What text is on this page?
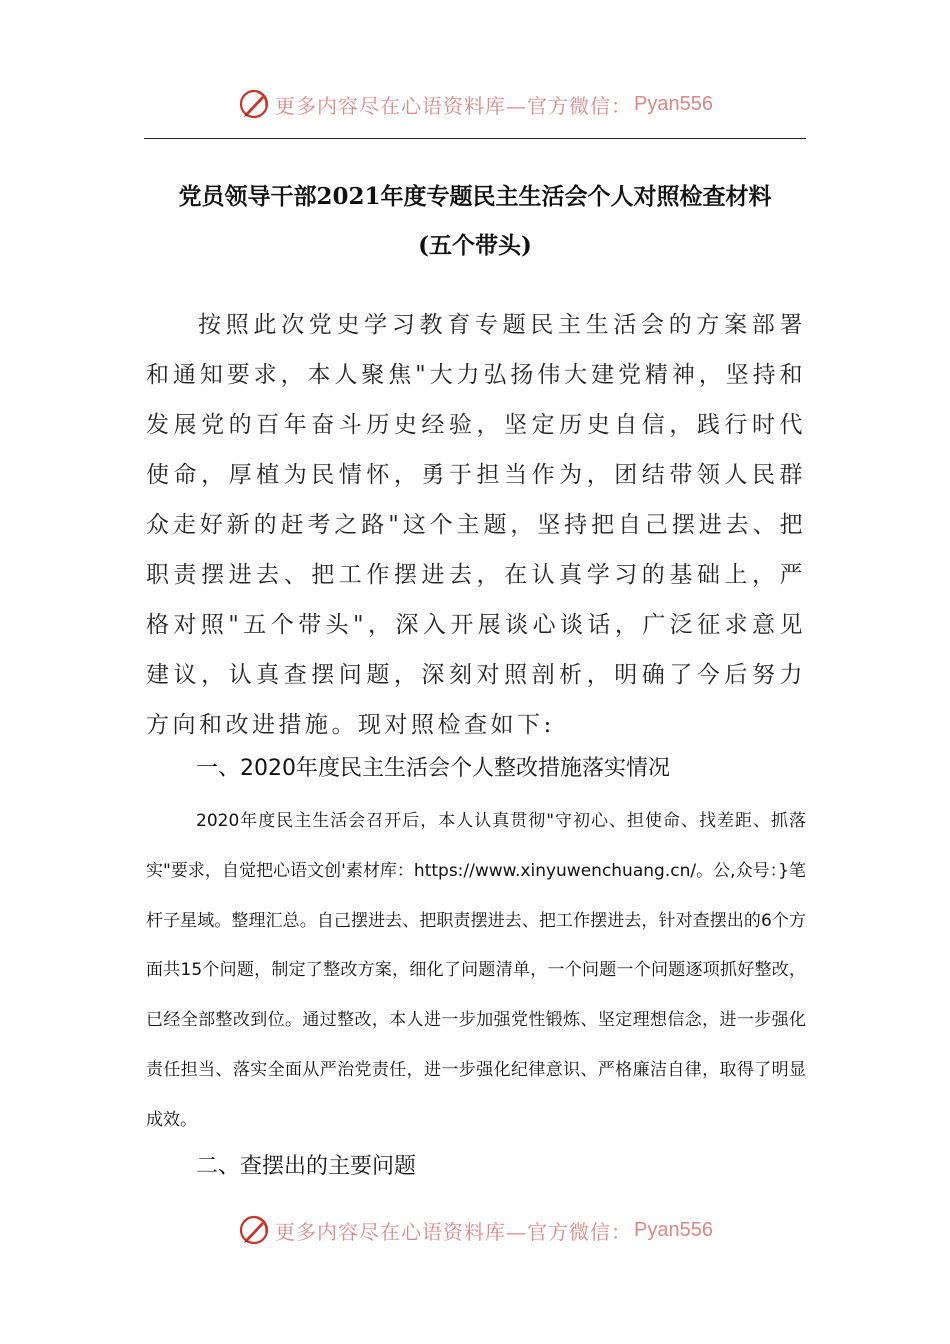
更多内容尽在心语资料库—官方微信： Pyan556
党员领导干部2021年度专题民主生活会个人对照检查材料
(五个带头)

按照此次党史学习教育专题民主生活会的方案部署和通知要求，本人聚焦"大力弘扬伟大建党精神，坚持和发展党的百年奋斗历史经验，坚定历史自信，践行时代使命，厚植为民情怀，勇于担当作为，团结带领人民群众走好新的赶考之路"这个主题，坚持把自己摆进去、把职责摆进去、把工作摆进去，在认真学习的基础上，严格对照"五个带头"，深入开展谈心谈话，广泛征求意见建议，认真查摆问题，深刻对照剖析，明确了今后努力方向和改进措施。现对照检查如下:

一、2020年度民主生活会个人整改措施落实情况

2020年度民主生活会召开后，本人认真贯彻"守初心、担使命、找差距、抓落实"要求，自觉把心语文创'素材库：https://www.xinyuwenchuang.cn/。公,众号：}笔杆子星域。整理汇总。自己摆进去、把职责摆进去、把工作摆进去，针对查摆出的6个方面共15个问题，制定了整改方案，细化了问题清单，一个问题一个问题逐项抓好整改，已经全部整改到位。通过整改，本人进一步加强党性锻炼、坚定理想信念，进一步强化责任担当、落实全面从严治党责任，进一步强化纪律意识、严格廉洁自律，取得了明显成效。

二、查摆出的主要问题
更多内容尽在心语资料库—官方微信： Pyan556
